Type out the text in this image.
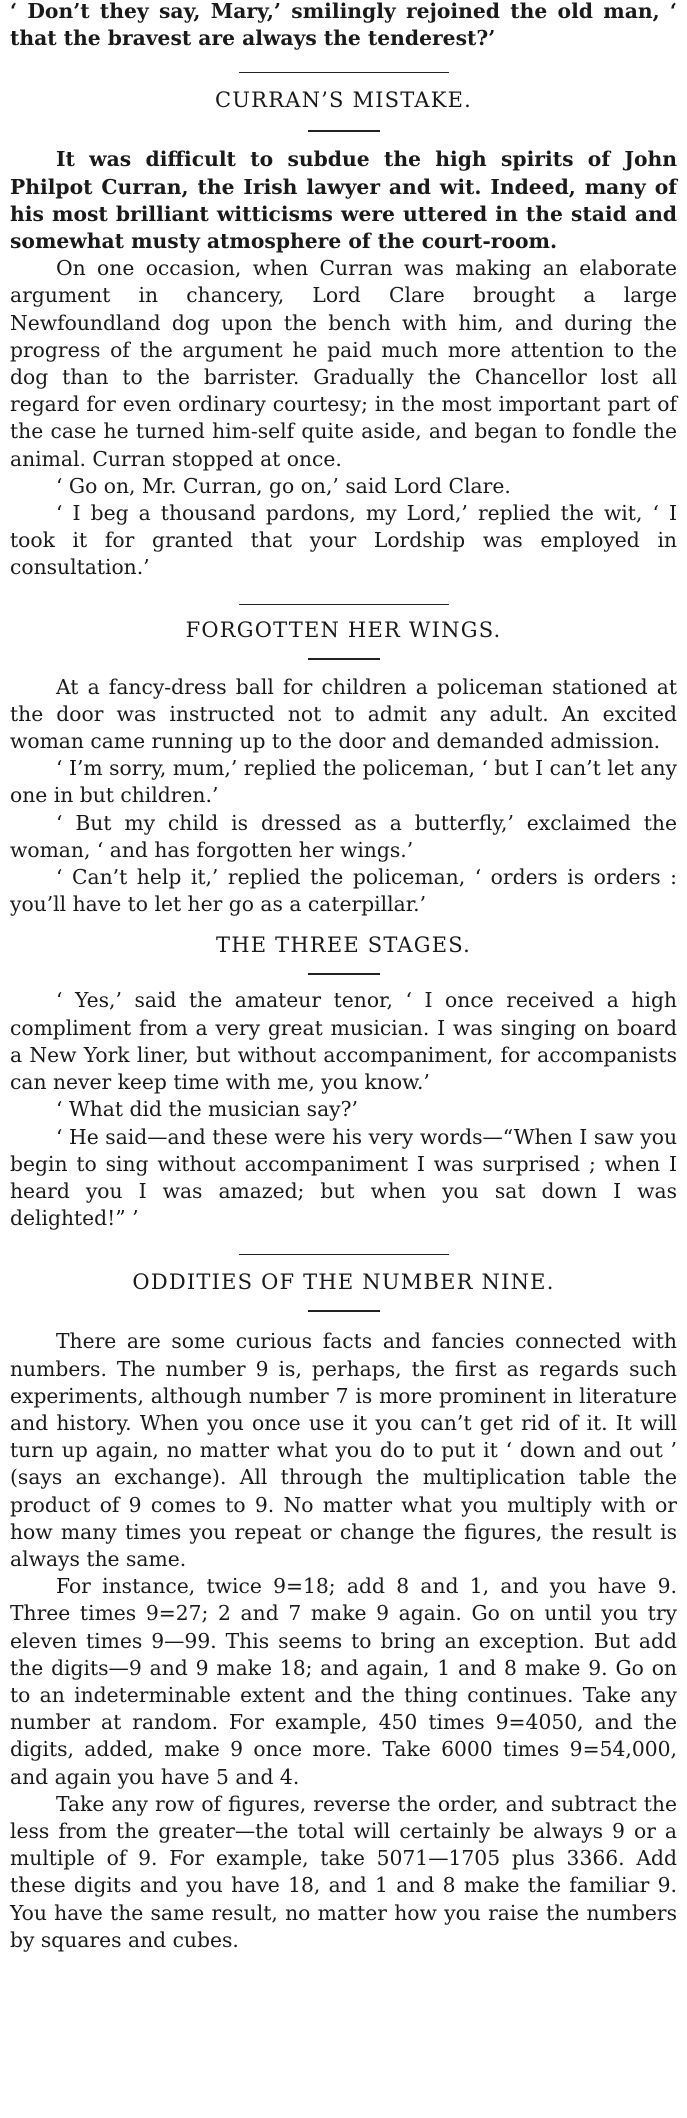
‘ Don’t they say, Mary,’ smilingly rejoined the old man, ‘ that the bravest are always the tenderest?’

CURRAN’S MISTAKE.

It was difficult to subdue the high spirits of John Philpot Curran, the Irish lawyer and wit. Indeed, many of his most brilliant witticisms were uttered in the staid and somewhat musty atmosphere of the court-room.

On one occasion, when Curran was making an elaborate argument in chancery, Lord Clare brought a large Newfoundland dog upon the bench with him, and during the progress of the argument he paid much more attention to the dog than to the barrister. Gradually the Chancellor lost all regard for even ordinary courtesy; in the most important part of the case he turned him-self quite aside, and began to fondle the animal. Curran stopped at once.

‘ Go on, Mr. Curran, go on,’ said Lord Clare.

‘ I beg a thousand pardons, my Lord,’ replied the wit, ‘ I took it for granted that your Lordship was employed in consultation.’

FORGOTTEN HER WINGS.

At a fancy-dress ball for children a policeman stationed at the door was instructed not to admit any adult. An excited woman came running up to the door and demanded admission.

‘ I’m sorry, mum,’ replied the policeman, ‘ but I can’t let any one in but children.’

‘ But my child is dressed as a butterfly,’ exclaimed the woman, ‘ and has forgotten her wings.’

‘ Can’t help it,’ replied the policeman, ‘ orders is orders : you’ll have to let her go as a caterpillar.’

THE THREE STAGES.

‘ Yes,’ said the amateur tenor, ‘ I once received a high compliment from a very great musician. I was singing on board a New York liner, but without accompaniment, for accompanists can never keep time with me, you know.’

‘ What did the musician say?’

‘ He said—and these were his very words—“When I saw you begin to sing without accompaniment I was surprised ; when I heard you I was amazed; but when you sat down I was delighted!” ’

ODDITIES OF THE NUMBER NINE.

There are some curious facts and fancies connected with numbers. The number 9 is, perhaps, the first as regards such experiments, although number 7 is more prominent in literature and history. When you once use it you can’t get rid of it. It will turn up again, no matter what you do to put it ‘ down and out ’ (says an exchange). All through the multiplication table the product of 9 comes to 9. No matter what you multiply with or how many times you repeat or change the figures, the result is always the same.

For instance, twice 9=18; add 8 and 1, and you have 9. Three times 9=27; 2 and 7 make 9 again. Go on until you try eleven times 9—99. This seems to bring an exception. But add the digits—9 and 9 make 18; and again, 1 and 8 make 9. Go on to an indeterminable extent and the thing continues. Take any number at random. For example, 450 times 9=4050, and the digits, added, make 9 once more. Take 6000 times 9=54,000, and again you have 5 and 4.

Take any row of figures, reverse the order, and subtract the less from the greater—the total will certainly be always 9 or a multiple of 9. For example, take 5071—1705 plus 3366. Add these digits and you have 18, and 1 and 8 make the familiar 9. You have the same result, no matter how you raise the numbers by squares and cubes.
